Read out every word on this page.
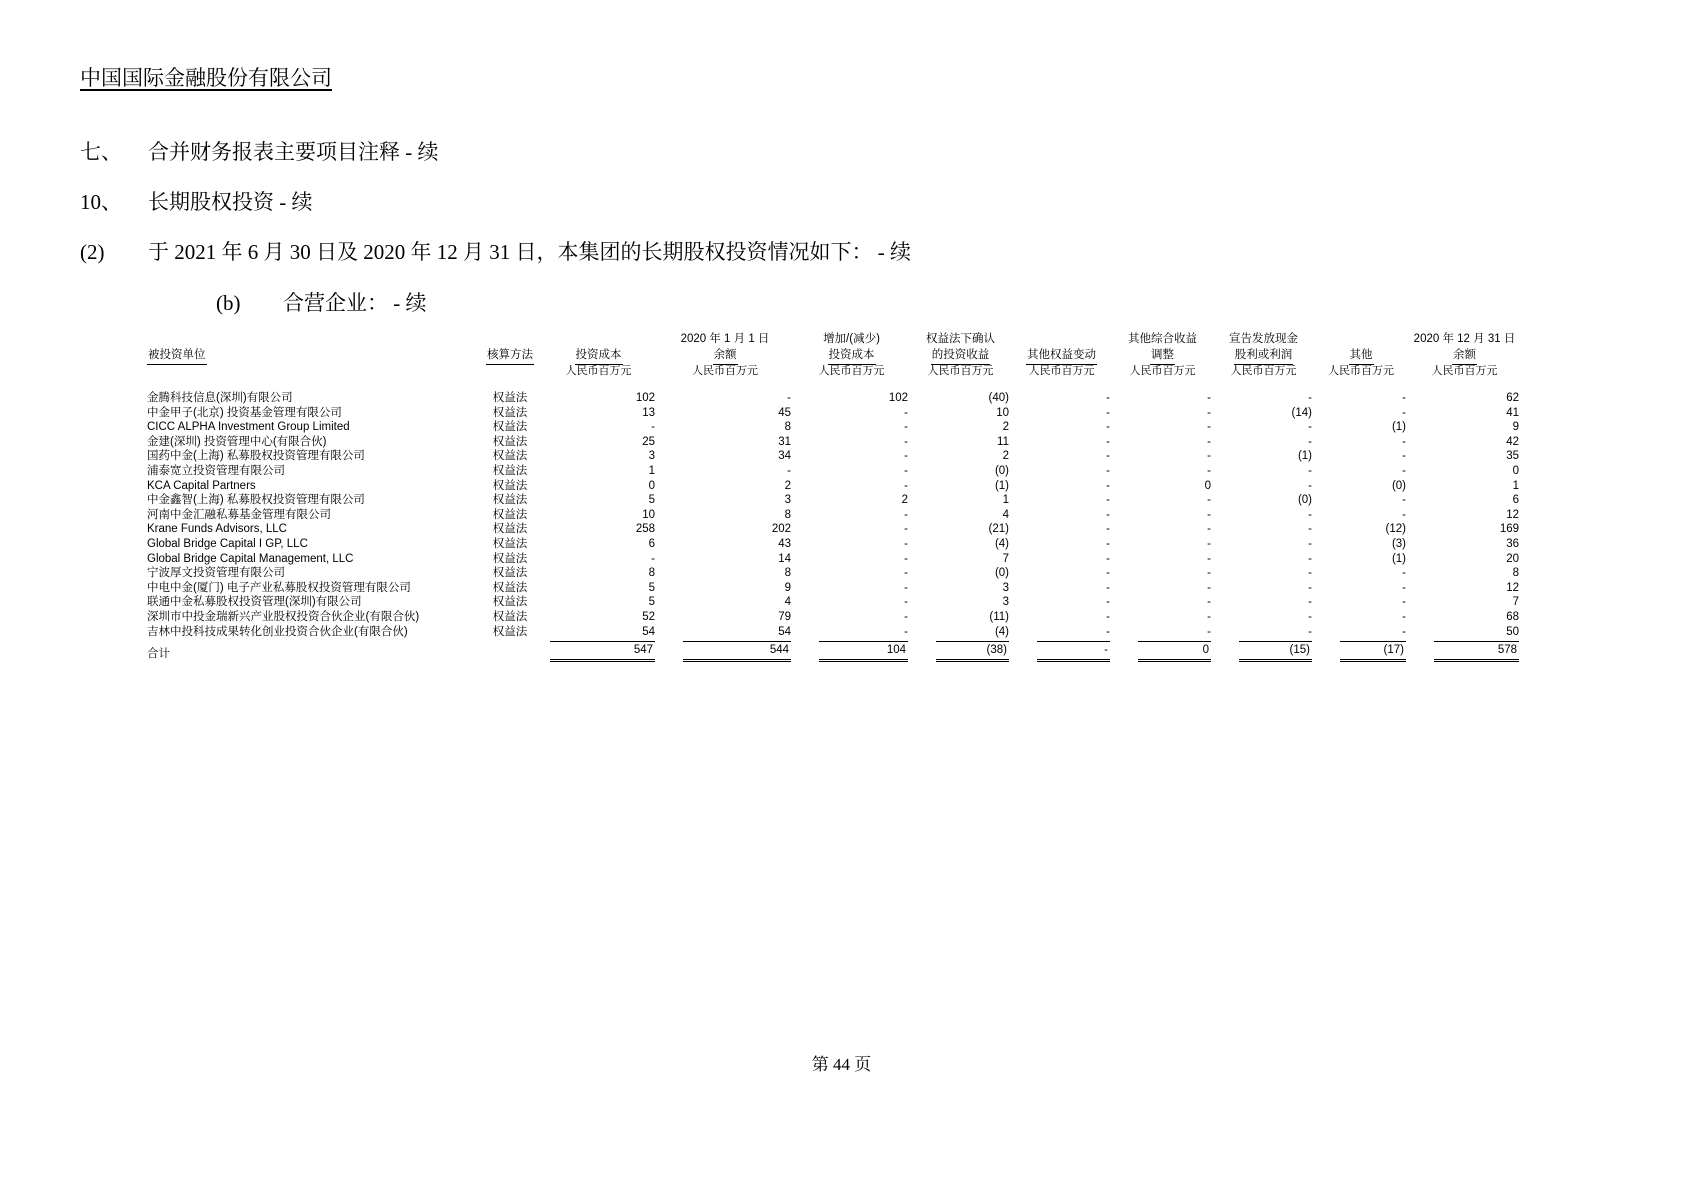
中国国际金融股份有限公司
七、 合并财务报表主要项目注释 - 续
10、 长期股权投资 - 续
(2) 于 2021 年 6 月 30 日及 2020 年 12 月 31 日，本集团的长期股权投资情况如下： - 续
(b) 合营企业： - 续
			2020 年 1 月 1 日	增加/(减少)	权益法下确认		其他综合收益	宣告发放现金		2020 年 12 月 31 日
被投资单位	核算方法	投资成本	余额	投资成本	的投资收益	其他权益变动	调整	股利或利润	其他	余额
		人民币百万元	人民币百万元	人民币百万元	人民币百万元	人民币百万元	人民币百万元	人民币百万元	人民币百万元	人民币百万元
金腾科技信息(深圳)有限公司	权益法	102	-	102	(40)	-	-	-	-	62
中金甲子(北京) 投资基金管理有限公司	权益法	13	45	-	10	-	-	(14)	-	41
CICC ALPHA Investment Group Limited	权益法	-	8	-	2	-	-	-	(1)	9
金建(深圳) 投资管理中心(有限合伙)	权益法	25	31	-	11	-	-	-	-	42
国药中金(上海) 私募股权投资管理有限公司	权益法	3	34	-	2	-	-	(1)	-	35
浦泰宽立投资管理有限公司	权益法	1	-	-	(0)	-	-	-	-	0
KCA Capital Partners	权益法	0	2	-	(1)	-	0	-	(0)	1
中金鑫智(上海) 私募股权投资管理有限公司	权益法	5	3	2	1	-	-	(0)	-	6
河南中金汇融私募基金管理有限公司	权益法	10	8	-	4	-	-	-	-	12
Krane Funds Advisors, LLC	权益法	258	202	-	(21)	-	-	-	(12)	169
Global Bridge Capital I GP, LLC	权益法	6	43	-	(4)	-	-	-	(3)	36
Global Bridge Capital Management, LLC	权益法	-	14	-	7	-	-	-	(1)	20
宁波厚文投资管理有限公司	权益法	8	8	-	(0)	-	-	-	-	8
中电中金(厦门) 电子产业私募股权投资管理有限公司	权益法	5	9	-	3	-	-	-	-	12
联通中金私募股权投资管理(深圳)有限公司	权益法	5	4	-	3	-	-	-	-	7
深圳市中投金瑞新兴产业股权投资合伙企业(有限合伙)	权益法	52	79	-	(11)	-	-	-	-	68
吉林中投科技成果转化创业投资合伙企业(有限合伙)	权益法	54	54	-	(4)	-	-	-	-	50
合计		547	544	104	(38)	-	0	(15)	(17)	578
第 44 页
